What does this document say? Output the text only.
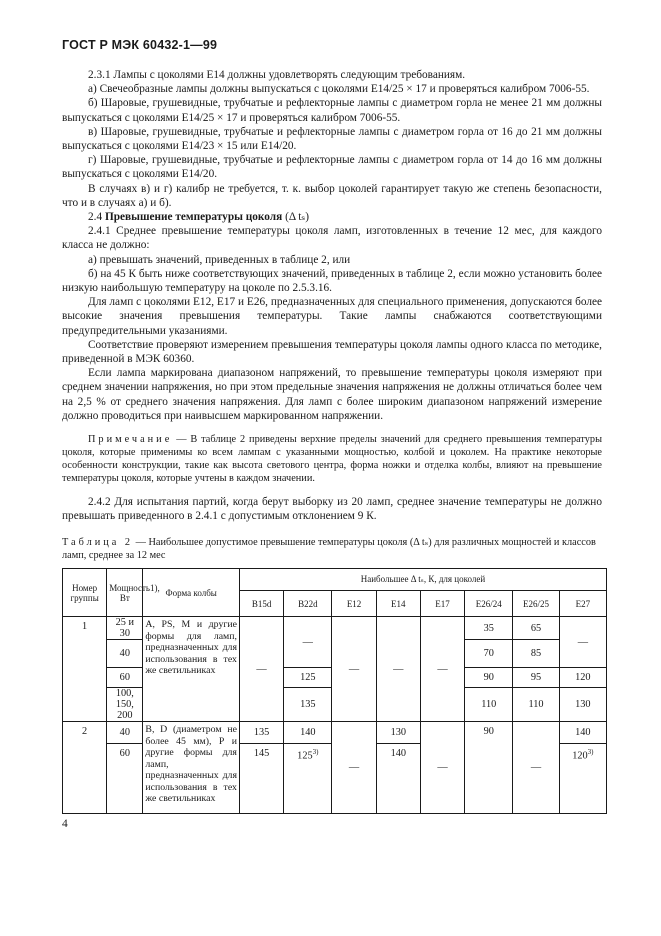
ГОСТ Р МЭК 60432-1—99

2.3.1 Лампы с цоколями Е14 должны удовлетворять следующим требованиям.

а) Свечеобразные лампы должны выпускаться с цоколями Е14/25 × 17 и проверяться калибром 7006-55.

б) Шаровые, грушевидные, трубчатые и рефлекторные лампы с диаметром горла не менее 21 мм должны выпускаться с цоколями Е14/25 × 17 и проверяться калибром 7006-55.

в) Шаровые, грушевидные, трубчатые и рефлекторные лампы с диаметром горла от 16 до 21 мм должны выпускаться с цоколями Е14/23 × 15 или Е14/20.

г) Шаровые, грушевидные, трубчатые и рефлекторные лампы с диаметром горла от 14 до 16 мм должны выпускаться с цоколями Е14/20.

В случаях в) и г) калибр не требуется, т. к. выбор цоколей гарантирует такую же степень безопасности, что и в случаях а) и б).

2.4 Превышение температуры цоколя (Δ tₛ)

2.4.1 Среднее превышение температуры цоколя ламп, изготовленных в течение 12 мес, для каждого класса не должно:

а) превышать значений, приведенных в таблице 2, или

б) на 45 К быть ниже соответствующих значений, приведенных в таблице 2, если можно установить более низкую наибольшую температуру на цоколе по 2.5.3.16.

Для ламп с цоколями Е12, Е17 и Е26, предназначенных для специального применения, допускаются более высокие значения превышения температуры. Такие лампы снабжаются соответствующими предупредительными указаниями.

Соответствие проверяют измерением превышения температуры цоколя лампы одного класса по методике, приведенной в МЭК 60360.

Если лампа маркирована диапазоном напряжений, то превышение температуры цоколя измеряют при среднем значении напряжения, но при этом предельные значения напряжения не должны отличаться более чем на 2,5 % от среднего значения напряжения. Для ламп с более широким диапазоном напряжений измерение должно проводиться при наивысшем маркированном напряжении.

Примечание — В таблице 2 приведены верхние пределы значений для среднего превышения температуры цоколя, которые применимы ко всем лампам с указанными мощностью, колбой и цоколем. На практике некоторые особенности конструкции, такие как высота светового центра, форма ножки и отделка колбы, влияют на превышение температуры цоколя, которые учтены в каждом значении.

2.4.2 Для испытания партий, когда берут выборку из 20 ламп, среднее значение температуры не должно превышать приведенного в 2.4.1 с допустимым отклонением 9 К.

Таблица 2 — Наибольшее допустимое превышение температуры цоколя (Δ tₛ) для различных мощностей и классов ламп, среднее за 12 мес
Номер группы	Мощность1), Вт	Форма колбы	Наибольшее Δ tₛ, К, для цоколей							
			B15d	B22d	E12	E14	E17	E26/24	E26/25	E27
1	25 и 30	А, PS, М и другие формы для ламп, предназначенных для использования в тех же светильниках	—	—	—	—	—	35	65	—
	40							70	85	
	60			125				90	95	120
	100, 150, 200			135				110	110	130
2	40	B, D (диаметром не более 45 мм), Р и другие формы для ламп, предназначенных для использования в тех же светильниках	135	140	—	130	—	90	—	140
	60		145	125$^{3)}$		140				120$^{3)}$
4
